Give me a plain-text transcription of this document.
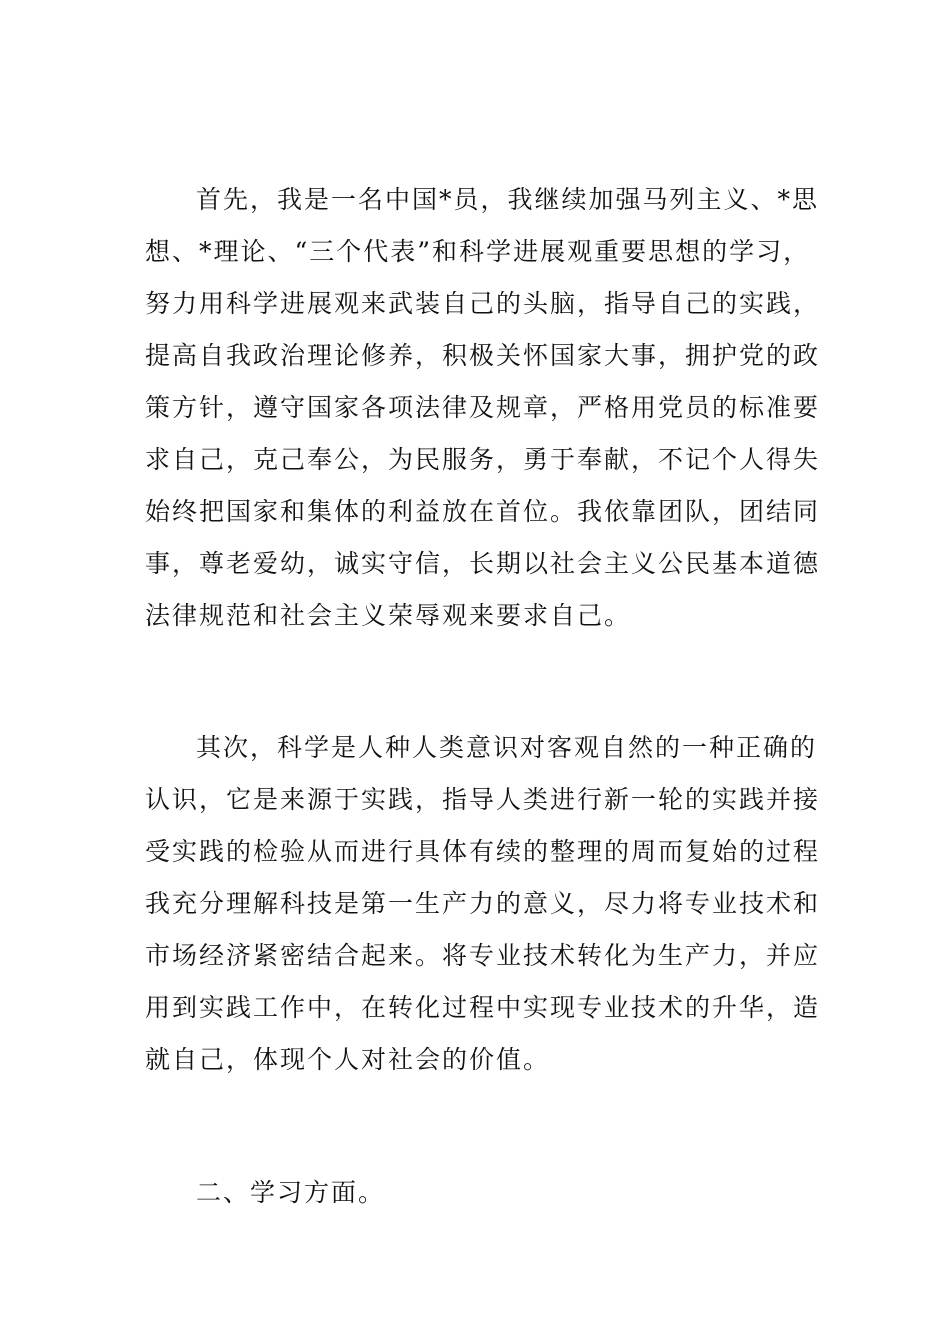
首先，我是一名中国*员，我继续加强马列主义、*思
想、*理论、“三个代表”和科学进展观重要思想的学习，
努力用科学进展观来武装自己的头脑，指导自己的实践，
提高自我政治理论修养，积极关怀国家大事，拥护党的政
策方针，遵守国家各项法律及规章，严格用党员的标准要
求自己，克己奉公，为民服务，勇于奉献，不记个人得失
始终把国家和集体的利益放在首位。我依靠团队，团结同
事，尊老爱幼，诚实守信，长期以社会主义公民基本道德
法律规范和社会主义荣辱观来要求自己。
其次，科学是人种人类意识对客观自然的一种正确的
认识，它是来源于实践，指导人类进行新一轮的实践并接
受实践的检验从而进行具体有续的整理的周而复始的过程
我充分理解科技是第一生产力的意义，尽力将专业技术和
市场经济紧密结合起来。将专业技术转化为生产力，并应
用到实践工作中，在转化过程中实现专业技术的升华，造
就自己，体现个人对社会的价值。
二、学习方面。
